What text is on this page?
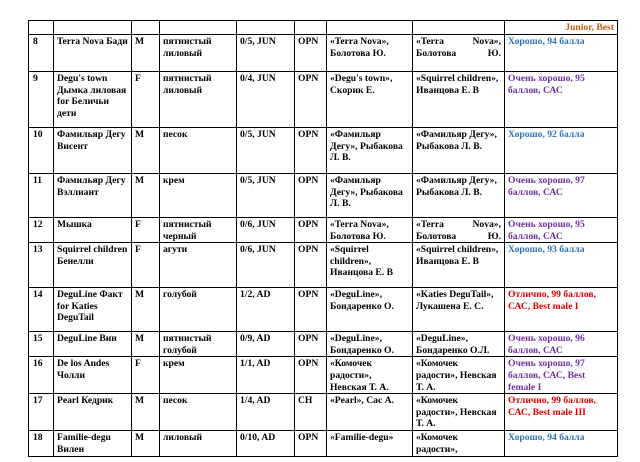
								Junior, Best
8	Terra Nova Бади	M	пятнистый лиловый	0/5, JUN	OPN	«Terra Nova», Болотова Ю.	«Terra Nova», Болотова Ю.	Хорошо, 94 балла
9	Degu's town Дымка лиловая for Беличьи дети	F	пятнистый лиловый	0/4, JUN	OPN	«Degu's town», Скорик Е.	«Squirrel children», Иванцова Е. В	Очень хорошо, 95 баллов, САС
10	Фамильяр Дегу Висент	M	песок	0/5, JUN	OPN	«Фамильяр Дегу», Рыбакова Л. В.	«Фамильяр Дегу», Рыбакова Л. В.	Хорошо, 92 балла
11	Фамильяр Дегу Вэллиант	M	крем	0/5, JUN	OPN	«Фамильяр Дегу», Рыбакова Л. В.	«Фамильяр Дегу», Рыбакова Л. В.	Очень хорошо, 97 баллов, САС
12	Мышка	F	пятнистый черный	0/6, JUN	OPN	«Terra Nova», Болотова Ю.	«Terra Nova», Болотова Ю.	Очень хорошо, 95 баллов, САС
13	Squirrel children Бенелли	F	агути	0/6, JUN	OPN	«Squirrel children», Иванцова Е. В	«Squirrel children», Иванцова Е. В	Хорошо, 93 балла
14	DeguLine Факт for Katies DeguTail	M	голубой	1/2, AD	OPN	«DeguLine», Бондаренко О.	«Katies DeguTail», Лукашена Е. С.	Отлично, 99 баллов, САС, Best male I
15	DeguLine Вин	M	пятнистый голубой	0/9, AD	OPN	«DeguLine», Бондаренко О.	«DeguLine», Бондаренко О.Л.	Очень хорошо, 96 баллов, САС
16	De los Andes Чолли	F	крем	1/1, AD	OPN	«Комочек радости», Невская Т. А.	«Комочек радости», Невская Т. А.	Очень хорошо, 97 баллов, САС, Best female I
17	Pearl Кедрик	M	песок	1/4, AD	CH	«Pearl», Сас А.	«Комочек радости», Невская Т. А.	Отлично, 99 баллов, САС, Best male III
18	Familie-degu Вилен	M	лиловый	0/10, AD	OPN	«Familie-degu»	«Комочек радости»,	Хорошо, 94 балла
